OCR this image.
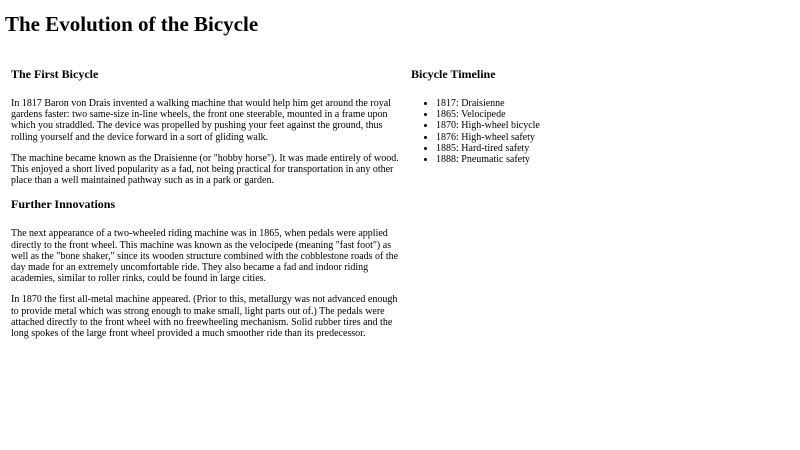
The Evolution of the Bicycle
The First Bicycle

In 1817 Baron von Drais invented a walking machine that would help him get around the royal gardens faster: two same-size in-line wheels, the front one steerable, mounted in a frame upon which you straddled. The device was propelled by pushing your feet against the ground, thus rolling yourself and the device forward in a sort of gliding walk.

The machine became known as the Draisienne (or "hobby horse"). It was made entirely of wood. This enjoyed a short lived popularity as a fad, not being practical for transportation in any other place than a well maintained pathway such as in a park or garden.

Further Innovations

The next appearance of a two-wheeled riding machine was in 1865, when pedals were applied directly to the front wheel. This machine was known as the velocipede (meaning "fast foot") as well as the "bone shaker," since its wooden structure combined with the cobblestone roads of the day made for an extremely uncomfortable ride. They also became a fad and indoor riding academies, similar to roller rinks, could be found in large cities.

In 1870 the first all-metal machine appeared. (Prior to this, metallurgy was not advanced enough to provide metal which was strong enough to make small, light parts out of.) The pedals were attached directly to the front wheel with no freewheeling mechanism. Solid rubber tires and the long spokes of the large front wheel provided a much smoother ride than its predecessor.

Bicycle Timeline
• 1817: Draisienne
• 1865: Velocipede
• 1870: High-wheel bicycle
• 1876: High-wheel safety
• 1885: Hard-tired safety
• 1888: Pneumatic safety
